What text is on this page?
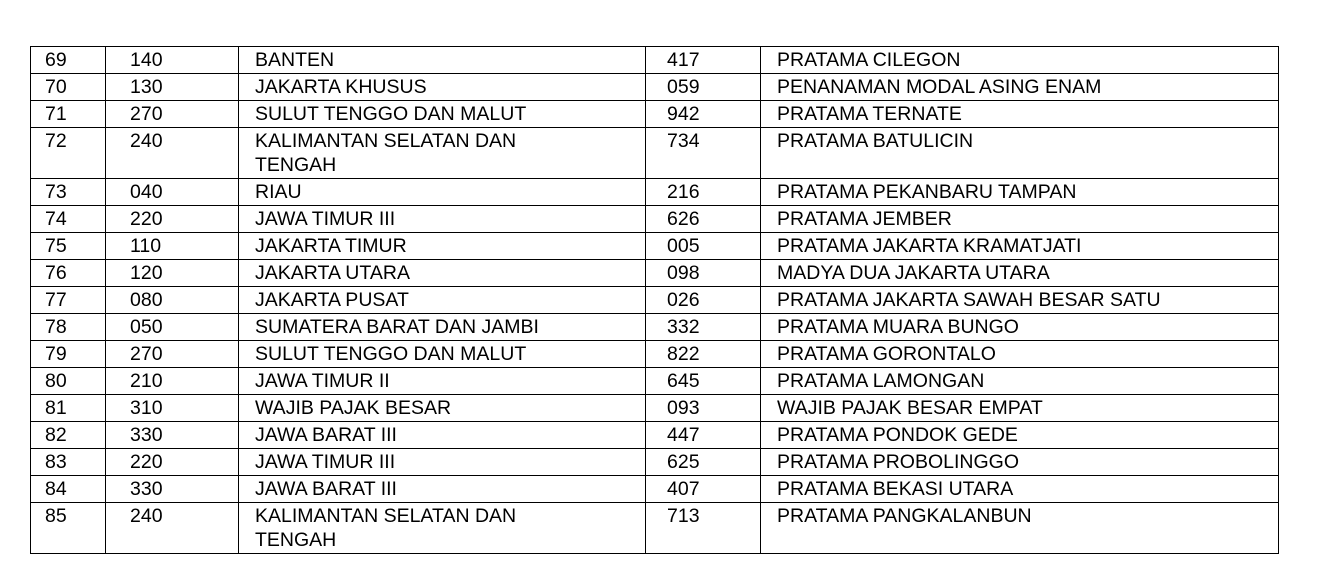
69	140	BANTEN	417	PRATAMA CILEGON
70	130	JAKARTA KHUSUS	059	PENANAMAN MODAL ASING ENAM
71	270	SULUT TENGGO DAN MALUT	942	PRATAMA TERNATE
72	240	KALIMANTAN SELATAN DAN TENGAH	734	PRATAMA BATULICIN
73	040	RIAU	216	PRATAMA PEKANBARU TAMPAN
74	220	JAWA TIMUR III	626	PRATAMA JEMBER
75	110	JAKARTA TIMUR	005	PRATAMA JAKARTA KRAMATJATI
76	120	JAKARTA UTARA	098	MADYA DUA JAKARTA UTARA
77	080	JAKARTA PUSAT	026	PRATAMA JAKARTA SAWAH BESAR SATU
78	050	SUMATERA BARAT DAN JAMBI	332	PRATAMA MUARA BUNGO
79	270	SULUT TENGGO DAN MALUT	822	PRATAMA GORONTALO
80	210	JAWA TIMUR II	645	PRATAMA LAMONGAN
81	310	WAJIB PAJAK BESAR	093	WAJIB PAJAK BESAR EMPAT
82	330	JAWA BARAT III	447	PRATAMA PONDOK GEDE
83	220	JAWA TIMUR III	625	PRATAMA PROBOLINGGO
84	330	JAWA BARAT III	407	PRATAMA BEKASI UTARA
85	240	KALIMANTAN SELATAN DAN TENGAH	713	PRATAMA PANGKALANBUN
